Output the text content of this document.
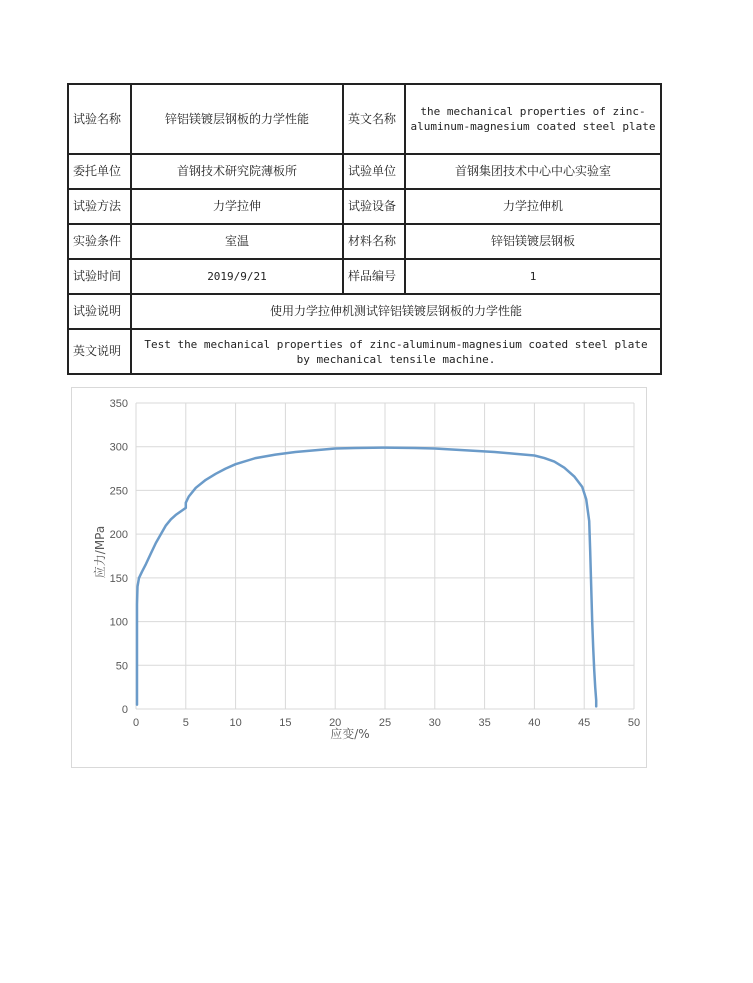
试验名称	锌铝镁镀层钢板的力学性能	英文名称	the mechanical properties of zinc-aluminum-magnesium coated steel plate
委托单位	首钢技术研究院薄板所	试验单位	首钢集团技术中心中心实验室
试验方法	力学拉伸	试验设备	力学拉伸机
实验条件	室温	材料名称	锌铝镁镀层钢板
试验时间	2019/9/21	样品编号	1
试验说明	使用力学拉伸机测试锌铝镁镀层钢板的力学性能		
英文说明	Test the mechanical properties of zinc-aluminum-magnesium coated steel plate by mechanical tensile machine.		
0
50
100
150
200
250
300
350
0	5	10	15	20	25	30	35	40	45	50
应变/%
应力/MPa
